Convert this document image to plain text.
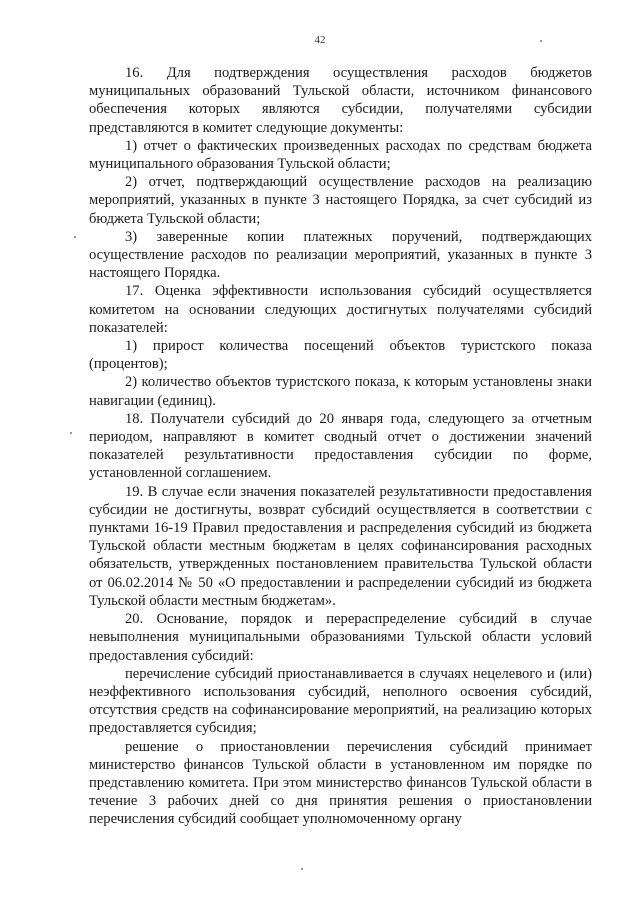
42

16. Для подтверждения осуществления расходов бюджетов муниципальных образований Тульской области, источником финансового обеспечения которых являются субсидии, получателями субсидии представляются в комитет следующие документы:

1) отчет о фактических произведенных расходах по средствам бюджета муниципального образования Тульской области;

2) отчет, подтверждающий осуществление расходов на реализацию мероприятий, указанных в пункте 3 настоящего Порядка, за счет субсидий из бюджета Тульской области;

3) заверенные копии платежных поручений, подтверждающих осуществление расходов по реализации мероприятий, указанных в пункте 3 настоящего Порядка.

17. Оценка эффективности использования субсидий осуществляется комитетом на основании следующих достигнутых получателями субсидий показателей:

1) прирост количества посещений объектов туристского показа (процентов);

2) количество объектов туристского показа, к которым установлены знаки навигации (единиц).

18. Получатели субсидий до 20 января года, следующего за отчетным периодом, направляют в комитет сводный отчет о достижении значений показателей результативности предоставления субсидии по форме, установленной соглашением.

19. В случае если значения показателей результативности предоставления субсидии не достигнуты, возврат субсидий осуществляется в соответствии с пунктами 16-19 Правил предоставления и распределения субсидий из бюджета Тульской области местным бюджетам в целях софинансирования расходных обязательств, утвержденных постановлением правительства Тульской области от 06.02.2014 № 50 «О предоставлении и распределении субсидий из бюджета Тульской области местным бюджетам».

20. Основание, порядок и перераспределение субсидий в случае невыполнения муниципальными образованиями Тульской области условий предоставления субсидий:

перечисление субсидий приостанавливается в случаях нецелевого и (или) неэффективного использования субсидий, неполного освоения субсидий, отсутствия средств на софинансирование мероприятий, на реализацию которых предоставляется субсидия;

решение о приостановлении перечисления субсидий принимает министерство финансов Тульской области в установленном им порядке по представлению комитета. При этом министерство финансов Тульской области в течение 3 рабочих дней со дня принятия решения о приостановлении перечисления субсидий сообщает уполномоченному органу
